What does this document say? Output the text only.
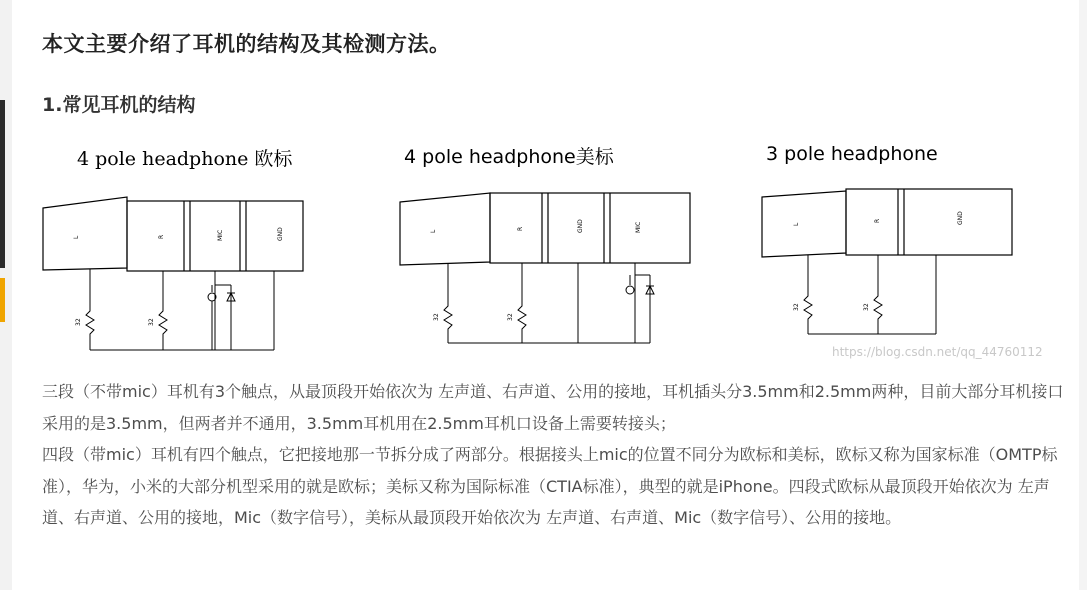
本文主要介绍了耳机的结构及其检测方法。
1.常见耳机的结构
4 pole headphone 欧标
L	R	MIC	GND
32	32
4 pole headphone美标
L
R	GND	MIC
32	32
3 pole headphone
L
R	GND
32	32
https://blog.csdn.net/qq_44760112
三段（不带mic）耳机有3个触点，从最顶段开始依次为 左声道、右声道、公用的接地，耳机插头分3.5mm和2.5mm两种，目前大部分耳机接口采用的是3.5mm，但两者并不通用，3.5mm耳机用在2.5mm耳机口设备上需要转接头；
四段（带mic）耳机有四个触点，它把接地那一节拆分成了两部分。根据接头上mic的位置不同分为欧标和美标，欧标又称为国家标准（OMTP标准），华为，小米的大部分机型采用的就是欧标；美标又称为国际标准（CTIA标准），典型的就是iPhone。四段式欧标从最顶段开始依次为 左声道、右声道、公用的接地，Mic（数字信号），美标从最顶段开始依次为 左声道、右声道、Mic（数字信号）、公用的接地。
